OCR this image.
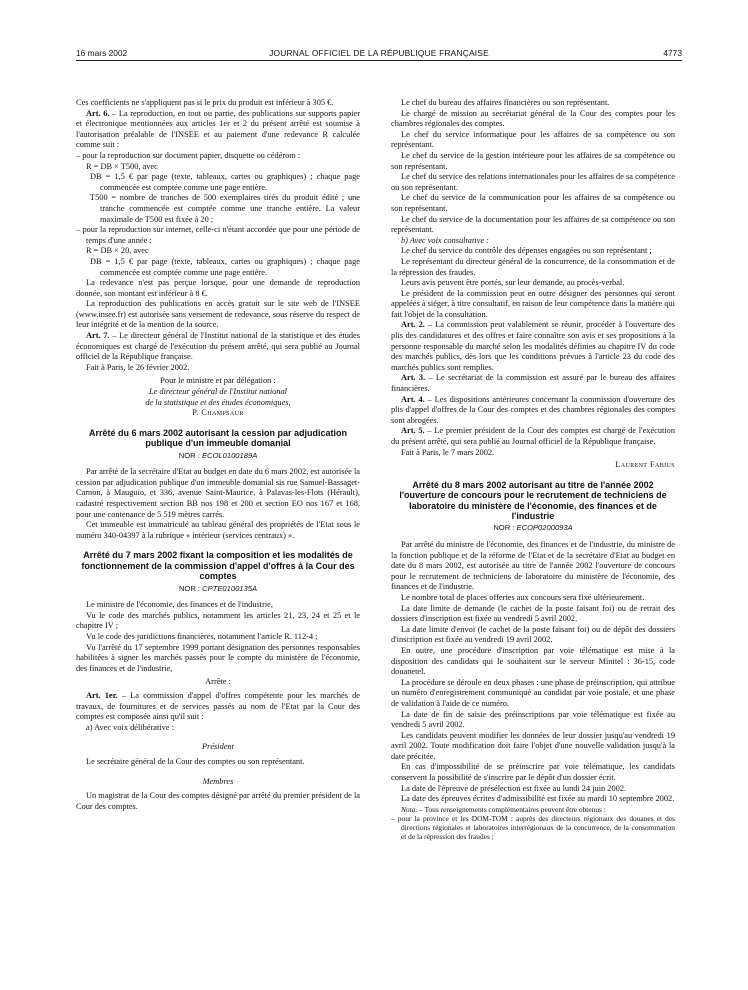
16 mars 2002	JOURNAL OFFICIEL DE LA RÉPUBLIQUE FRANÇAISE	4773

Ces coefficients ne s'appliquent pas si le prix du produit est inférieur à 305 €.

Art. 6. – La reproduction, en tout ou partie, des publications sur supports papier et électronique mentionnées aux articles 1er et 2 du présent arrêté est soumise à l'autorisation préalable de l'INSEE et au paiement d'une redevance R calculée comme suit :

– pour la reproduction sur document papier, disquette ou cédérom :

R = DB × T500, avec

DB = 1,5 € par page (texte, tableaux, cartes ou graphiques) ; chaque page commencée est comptée comme une page entière.

T500 = nombre de tranches de 500 exemplaires tirés du produit édité ; une tranche commencée est comptée comme une tranche entière. La valeur maximale de T500 est fixée à 20 ;

– pour la reproduction sur internet, celle-ci n'étant accordée que pour une période de temps d'une année :

R = DB × 20, avec

DB = 1,5 € par page (texte, tableaux, cartes ou graphiques) ; chaque page commencée est comptée comme une page entière.

La redevance n'est pas perçue lorsque, pour une demande de reproduction donnée, son montant est inférieur à 8 €.

La reproduction des publications en accès gratuit sur le site web de l'INSEE (www.insee.fr) est autorisée sans versement de redevance, sous réserve du respect de leur intégrité et de la mention de la source.

Art. 7. – Le directeur général de l'Institut national de la statistique et des études économiques est chargé de l'exécution du présent arrêté, qui sera publié au Journal officiel de la République française.

Fait à Paris, le 26 février 2002.

Pour le ministre et par délégation :

Le directeur général de l'Institut national

de la statistique et des études économiques,

P. Champsaur

Arrêté du 6 mars 2002 autorisant la cession par adjudication publique d'un immeuble domanial

NOR : ECOL0100189A

Par arrêté de la secrétaire d'Etat au budget en date du 6 mars 2002, est autorisée la cession par adjudication publique d'un immeuble domanial sis rue Samuel-Bassaget-Carnon, à Mauguio, et 336, avenue Saint-Maurice, à Palavas-les-Flots (Hérault), cadastré respectivement section BB nos 198 et 200 et section EO nos 167 et 168, pour une contenance de 5 519 mètres carrés.

Cet immeuble est immatriculé au tableau général des propriétés de l'Etat sous le numéro 340-04397 à la rubrique « intérieur (services centraux) ».

Arrêté du 7 mars 2002 fixant la composition et les modalités de fonctionnement de la commission d'appel d'offres à la Cour des comptes

NOR : CPTE0100135A

Le ministre de l'économie, des finances et de l'industrie,

Vu le code des marchés publics, notamment les articles 21, 23, 24 et 25 et le chapitre IV ;

Vu le code des juridictions financières, notamment l'article R. 112-4 ;

Vu l'arrêté du 17 septembre 1999 portant désignation des personnes responsables habilitées à signer les marchés passés pour le compte du ministère de l'économie, des finances et de l'industrie,

Arrête :

Art. 1er. – La commission d'appel d'offres compétente pour les marchés de travaux, de fournitures et de services passés au nom de l'Etat par la Cour des comptes est composée ainsi qu'il suit :

a) Avec voix délibérative :

Président

Le secrétaire général de la Cour des comptes ou son représentant.

Membres

Un magistrat de la Cour des comptes désigné par arrêté du premier président de la Cour des comptes.

Le chef du bureau des affaires financières ou son représentant.

Le chargé de mission au secrétariat général de la Cour des comptes pour les chambres régionales des comptes.

Le chef du service informatique pour les affaires de sa compétence ou son représentant.

Le chef du service de la gestion intérieure pour les affaires de sa compétence ou son représentant.

Le chef du service des relations internationales pour les affaires de sa compétence ou son représentant.

Le chef du service de la communication pour les affaires de sa compétence ou son représentant.

Le chef du service de la documentation pour les affaires de sa compétence ou son représentant.

b) Avec voix consultative :

Le chef du service du contrôle des dépenses engagées ou son représentant ;

Le représentant du directeur général de la concurrence, de la consommation et de la répression des fraudes.

Leurs avis peuvent être portés, sur leur demande, au procès-verbal.

Le président de la commission peut en outre désigner des personnes qui seront appelées à siéger, à titre consultatif, en raison de leur compétence dans la matière qui fait l'objet de la consultation.

Art. 2. – La commission peut valablement se réunir, procéder à l'ouverture des plis des candidatures et des offres et faire connaître son avis et ses propositions à la personne responsable du marché selon les modalités définies au chapitre IV du code des marchés publics, dès lors que les conditions prévues à l'article 23 du code des marchés publics sont remplies.

Art. 3. – Le secrétariat de la commission est assuré par le bureau des affaires financières.

Art. 4. – Les dispositions antérieures concernant la commission d'ouverture des plis d'appel d'offres de la Cour des comptes et des chambres régionales des comptes sont abrogées.

Art. 5. – Le premier président de la Cour des comptes est chargé de l'exécution du présent arrêté, qui sera publié au Journal officiel de la République française.

Fait à Paris, le 7 mars 2002.

Laurent Fabius

Arrêté du 8 mars 2002 autorisant au titre de l'année 2002 l'ouverture de concours pour le recrutement de techniciens de laboratoire du ministère de l'économie, des finances et de l'industrie

NOR : ECOP0200093A

Par arrêté du ministre de l'économie, des finances et de l'industrie, du ministre de la fonction publique et de la réforme de l'Etat et de la secrétaire d'Etat au budget en date du 8 mars 2002, est autorisée au titre de l'année 2002 l'ouverture de concours pour le recrutement de techniciens de laboratoire du ministère de l'économie, des finances et de l'industrie.

Le nombre total de places offertes aux concours sera fixé ultérieurement.

La date limite de demande (le cachet de la poste faisant foi) ou de retrait des dossiers d'inscription est fixée au vendredi 5 avril 2002.

La date limite d'envoi (le cachet de la poste faisant foi) ou de dépôt des dossiers d'inscription est fixée au vendredi 19 avril 2002.

En outre, une procédure d'inscription par voie télématique est mise à la disposition des candidats qui le souhaitent sur le serveur Minitel : 36-15, code douanetel.

La procédure se déroule en deux phases : une phase de préinscription, qui attribue un numéro d'enregistrement communiqué au candidat par voie postale, et une phase de validation à l'aide de ce numéro.

La date de fin de saisie des préinscriptions par voie télématique est fixée au vendredi 5 avril 2002.

Les candidats peuvent modifier les données de leur dossier jusqu'au vendredi 19 avril 2002. Toute modification doit faire l'objet d'une nouvelle validation jusqu'à la date précitée.

En cas d'impossibilité de se préinscrire par voie télématique, les candidats conservent la possibilité de s'inscrire par le dépôt d'un dossier écrit.

La date de l'épreuve de présélection est fixée au lundi 24 juin 2002.

La date des épreuves écrites d'admissibilité est fixée au mardi 10 septembre 2002.

Nota. – Tous renseignements complémentaires peuvent être obtenus :

– pour la province et les DOM-TOM : auprès des directeurs régionaux des douanes et des directions régionales et laboratoires interrégionaux de la concurrence, de la consommation et de la répression des fraudes ;
